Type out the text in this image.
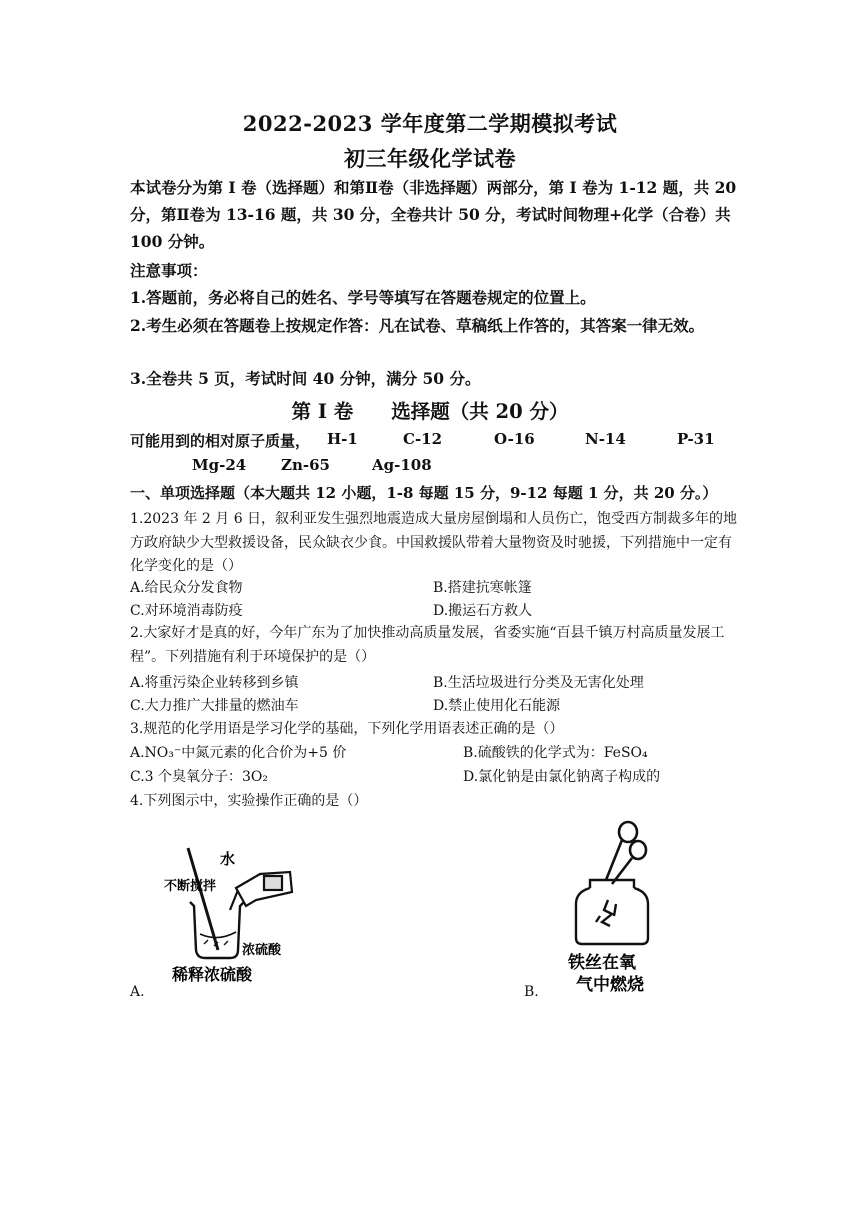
2022-2023 学年度第二学期模拟考试
初三年级化学试卷
本试卷分为第 I 卷（选择题）和第Ⅱ卷（非选择题）两部分，第 I 卷为 1-12 题，共 20 分，第Ⅱ卷为 13-16 题，共 30 分，全卷共计 50 分，考试时间物理+化学（合卷）共 100 分钟。
注意事项：
1.答题前，务必将自己的姓名、学号等填写在答题卷规定的位置上。
2.考生必须在答题卷上按规定作答：凡在试卷、草稿纸上作答的，其答案一律无效。
3.全卷共 5 页，考试时间 40 分钟，满分 50 分。
第 I 卷 选择题（共 20 分）
可能用到的相对原子质量， H-1	C-12	O-16	N-14	P-31
Mg-24 Zn-65	Ag-108
一、单项选择题（本大题共 12 小题，1-8 每题 15 分，9-12 每题 1 分，共 20 分。）
1.2023 年 2 月 6 日，叙利亚发生强烈地震造成大量房屋倒塌和人员伤亡，饱受西方制裁多年的地方政府缺少大型救援设备，民众缺衣少食。中国救援队带着大量物资及时驰援，下列措施中一定有化学变化的是（）
A.给民众分发食物	B.搭建抗寒帐篷
C.对环境消毒防疫	D.搬运石方救人
2.大家好才是真的好，今年广东为了加快推动高质量发展，省委实施“百县千镇万村高质量发展工程”。下列措施有利于环境保护的是（）
A.将重污染企业转移到乡镇	B.生活垃圾进行分类及无害化处理
C.大力推广大排量的燃油车	D.禁止使用化石能源
3.规范的化学用语是学习化学的基础，下列化学用语表述正确的是（）
A.NO₃⁻中氮元素的化合价为+5 价	B.硫酸铁的化学式为：FeSO₄
C.3 个臭氧分子：3O₂	D.氯化钠是由氯化钠离子构成的
4.下列图示中，实验操作正确的是（）
水
不断搅拌
浓硫酸
稀释浓硫酸
A.
铁丝在氧
气中燃烧
B.
